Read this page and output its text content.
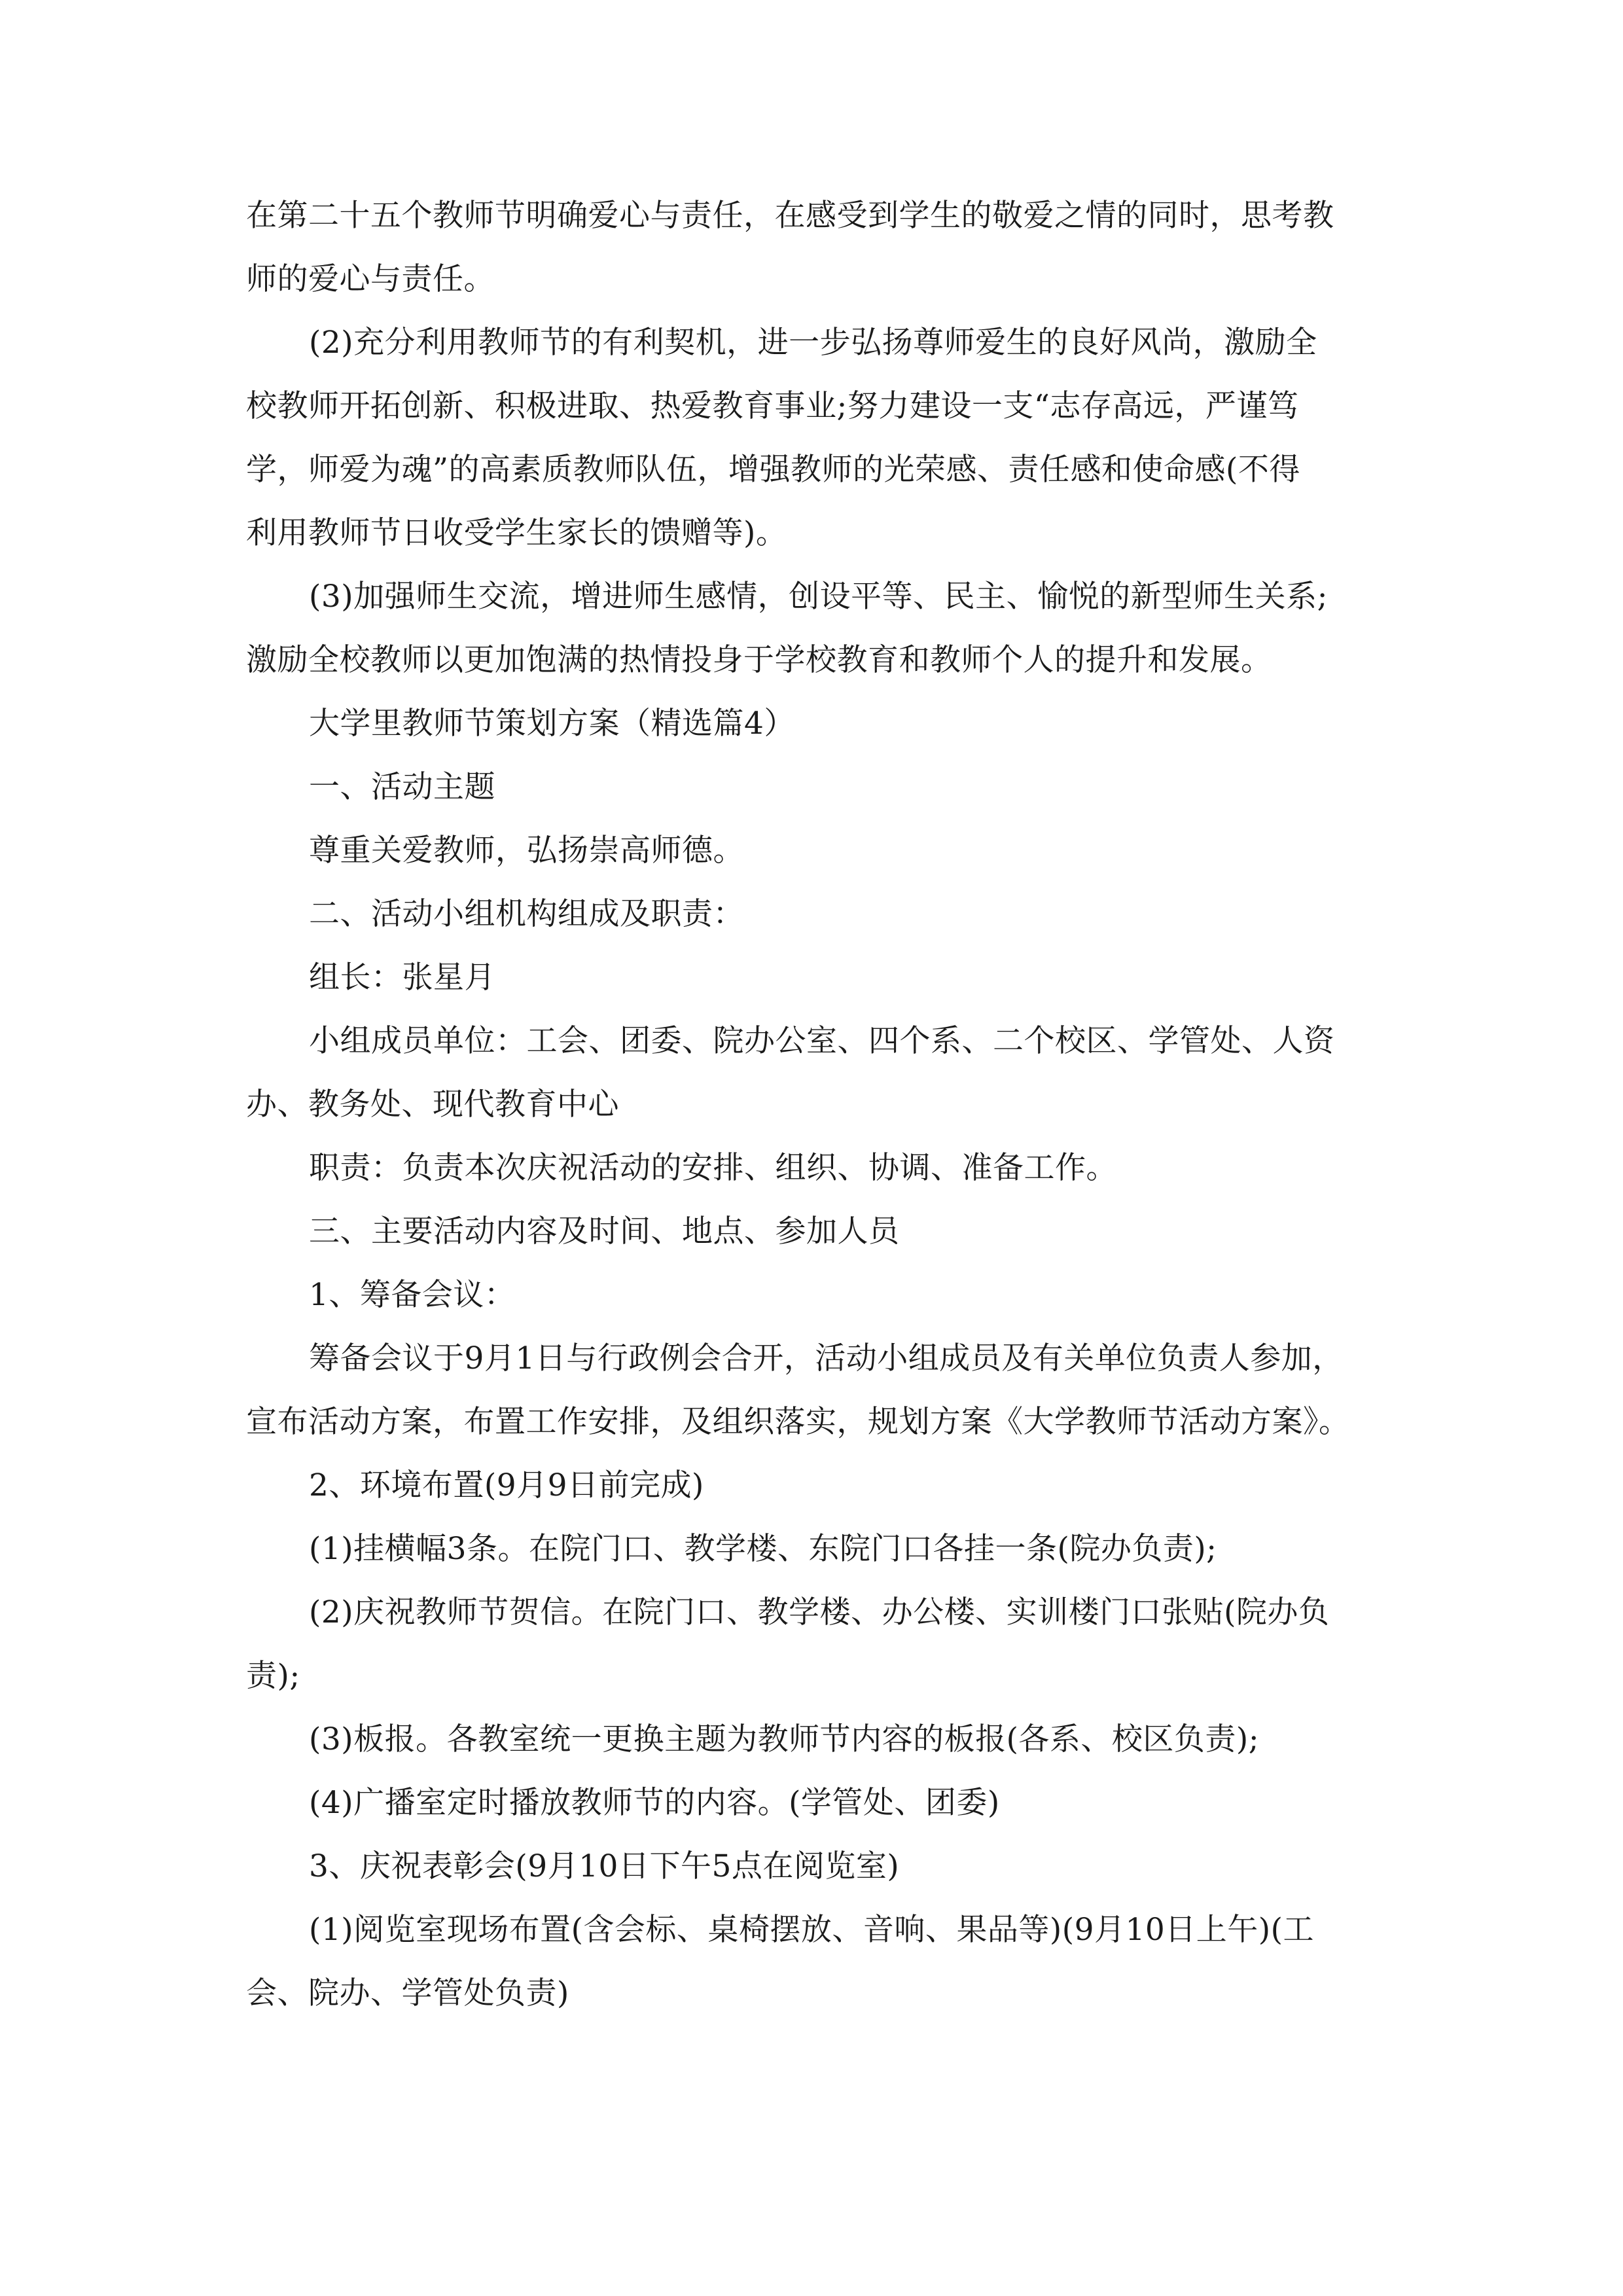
在第二十五个教师节明确爱心与责任，在感受到学生的敬爱之情的同时，思考教
师的爱心与责任。
(2)充分利用教师节的有利契机，进一步弘扬尊师爱生的良好风尚，激励全
校教师开拓创新、积极进取、热爱教育事业;努力建设一支“志存高远，严谨笃
学，师爱为魂”的高素质教师队伍，增强教师的光荣感、责任感和使命感(不得
利用教师节日收受学生家长的馈赠等)。
(3)加强师生交流，增进师生感情，创设平等、民主、愉悦的新型师生关系;
激励全校教师以更加饱满的热情投身于学校教育和教师个人的提升和发展。
大学里教师节策划方案（精选篇4）
一、活动主题
尊重关爱教师，弘扬崇高师德。
二、活动小组机构组成及职责：
组长：张星月
小组成员单位：工会、团委、院办公室、四个系、二个校区、学管处、人资
办、教务处、现代教育中心
职责：负责本次庆祝活动的安排、组织、协调、准备工作。
三、主要活动内容及时间、地点、参加人员
1、筹备会议：
筹备会议于9月1日与行政例会合开，活动小组成员及有关单位负责人参加，
宣布活动方案，布置工作安排，及组织落实，规划方案《大学教师节活动方案》。
2、环境布置(9月9日前完成)
(1)挂横幅3条。在院门口、教学楼、东院门口各挂一条(院办负责);
(2)庆祝教师节贺信。在院门口、教学楼、办公楼、实训楼门口张贴(院办负
责);
(3)板报。各教室统一更换主题为教师节内容的板报(各系、校区负责);
(4)广播室定时播放教师节的内容。(学管处、团委)
3、庆祝表彰会(9月10日下午5点在阅览室)
(1)阅览室现场布置(含会标、桌椅摆放、音响、果品等)(9月10日上午)(工
会、院办、学管处负责)
